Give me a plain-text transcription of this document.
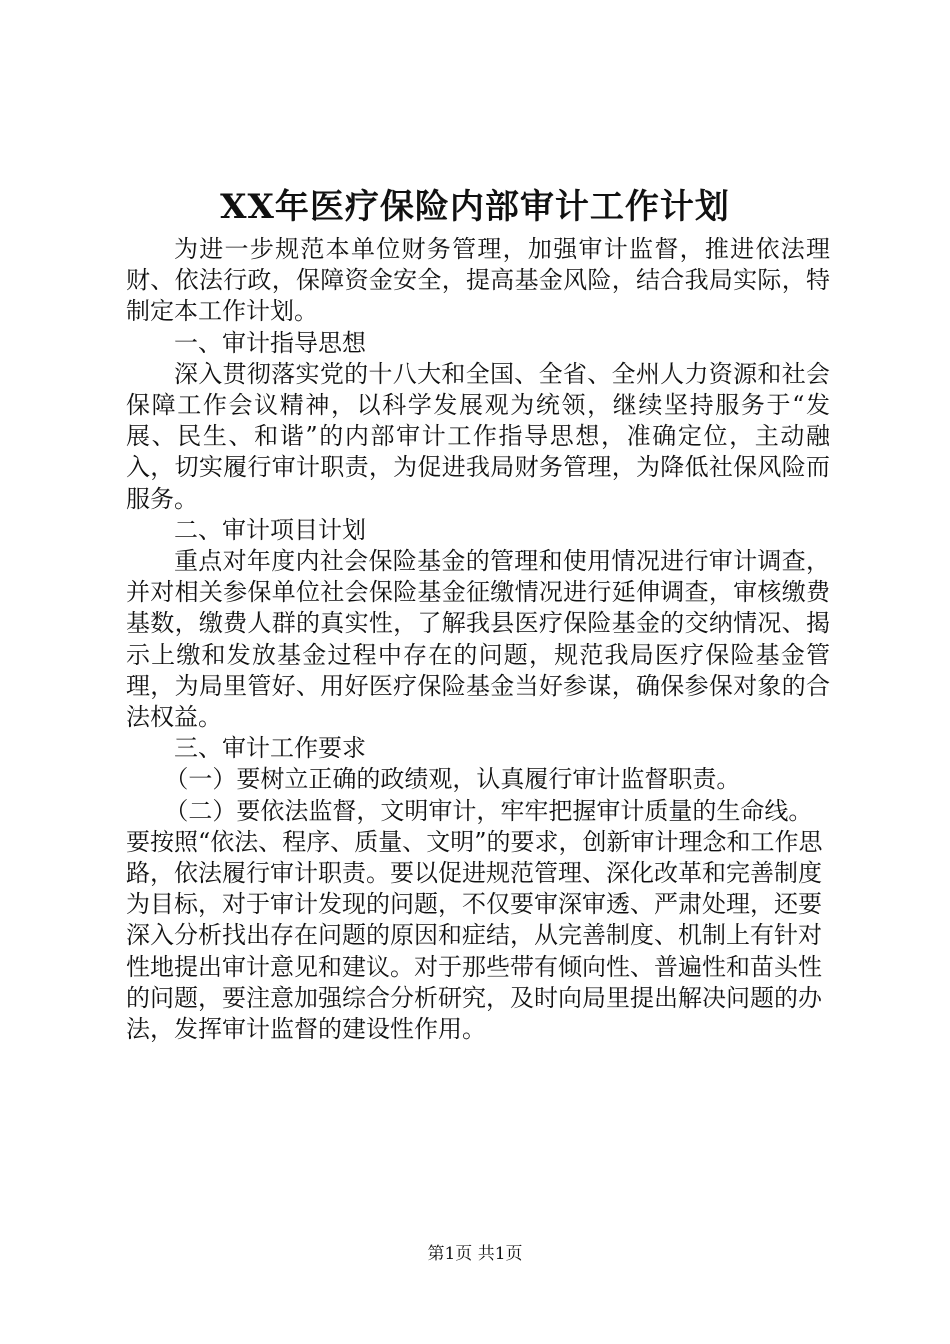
XX年医疗保险内部审计工作计划

为进一步规范本单位财务管理，加强审计监督，推进依法理财、依法行政，保障资金安全，提高基金风险，结合我局实际，特制定本工作计划。

一、审计指导思想

深入贯彻落实党的十八大和全国、全省、全州人力资源和社会保障工作会议精神，以科学发展观为统领，继续坚持服务于“发展、民生、和谐”的内部审计工作指导思想，准确定位，主动融入，切实履行审计职责，为促进我局财务管理，为降低社保风险而服务。

二、审计项目计划

重点对年度内社会保险基金的管理和使用情况进行审计调查，并对相关参保单位社会保险基金征缴情况进行延伸调查，审核缴费基数，缴费人群的真实性，了解我县医疗保险基金的交纳情况、揭示上缴和发放基金过程中存在的问题，规范我局医疗保险基金管理，为局里管好、用好医疗保险基金当好参谋，确保参保对象的合法权益。

三、审计工作要求

（一）要树立正确的政绩观，认真履行审计监督职责。

（二）要依法监督，文明审计，牢牢把握审计质量的生命线。要按照“依法、程序、质量、文明”的要求，创新审计理念和工作思路，依法履行审计职责。要以促进规范管理、深化改革和完善制度为目标，对于审计发现的问题，不仅要审深审透、严肃处理，还要深入分析找出存在问题的原因和症结，从完善制度、机制上有针对性地提出审计意见和建议。对于那些带有倾向性、普遍性和苗头性的问题，要注意加强综合分析研究，及时向局里提出解决问题的办法，发挥审计监督的建设性作用。

第1页 共1页
